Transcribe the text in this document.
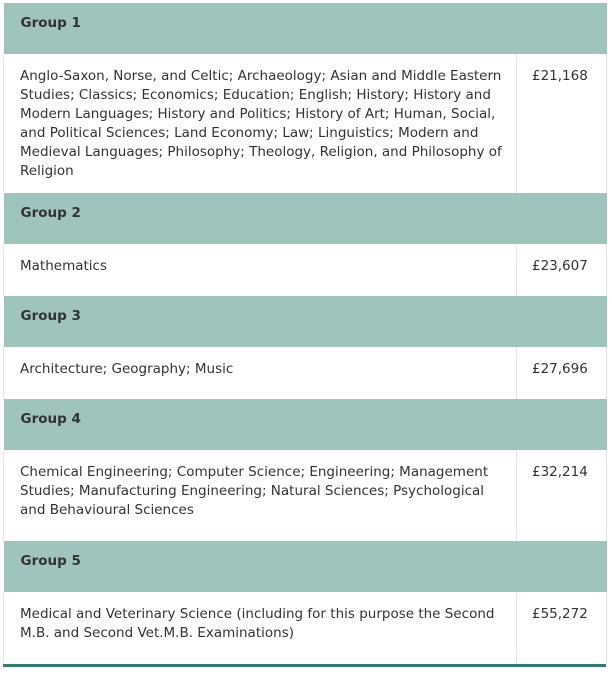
Group 1	
Anglo-Saxon, Norse, and Celtic; Archaeology; Asian and Middle Eastern Studies; Classics; Economics; Education; English; History; History and Modern Languages; History and Politics; History of Art; Human, Social, and Political Sciences; Land Economy; Law; Linguistics; Modern and Medieval Languages; Philosophy; Theology, Religion, and Philosophy of Religion	£21,168
Group 2	
Mathematics	£23,607
Group 3	
Architecture; Geography; Music	£27,696
Group 4	
Chemical Engineering; Computer Science; Engineering; Management Studies; Manufacturing Engineering; Natural Sciences; Psychological and Behavioural Sciences	£32,214
Group 5	
Medical and Veterinary Science (including for this purpose the Second M.B. and Second Vet.M.B. Examinations)	£55,272
